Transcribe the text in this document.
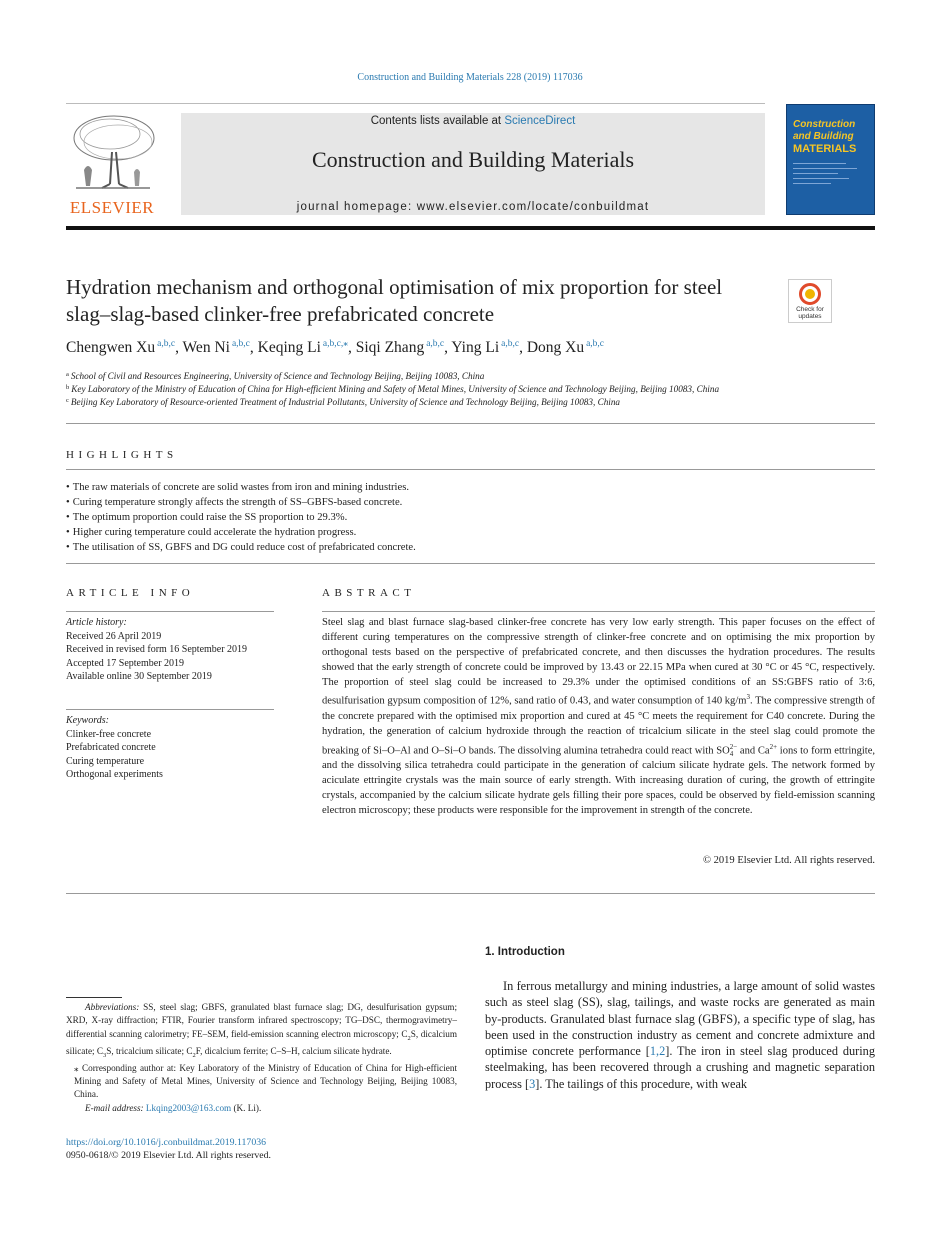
Construction and Building Materials 228 (2019) 117036
ELSEVIER
Contents lists available at ScienceDirect
Construction and Building Materials
journal homepage: www.elsevier.com/locate/conbuildmat
Construction and Building
MATERIALS
Hydration mechanism and orthogonal optimisation of mix proportion for steel slag–slag-based clinker-free prefabricated concrete	Check for updates
Chengwen Xu $^{a,b,c}$, Wen Ni $^{a,b,c}$, Keqing Li $^{a,b,c,⁎}$, Siqi Zhang $^{a,b,c}$, Ying Li $^{a,b,c}$, Dong Xu $^{a,b,c}$
$^a$ School of Civil and Resources Engineering, University of Science and Technology Beijing, Beijing 10083, China
$^b$ Key Laboratory of the Ministry of Education of China for High-efficient Mining and Safety of Metal Mines, University of Science and Technology Beijing, Beijing 10083, China
$^c$ Beijing Key Laboratory of Resource-oriented Treatment of Industrial Pollutants, University of Science and Technology Beijing, Beijing 10083, China
HIGHLIGHTS
• The raw materials of concrete are solid wastes from iron and mining industries.
• Curing temperature strongly affects the strength of SS–GBFS-based concrete.
• The optimum proportion could raise the SS proportion to 29.3%.
• Higher curing temperature could accelerate the hydration progress.
• The utilisation of SS, GBFS and DG could reduce cost of prefabricated concrete.
ARTICLE INFO
Article history:
Received 26 April 2019
Received in revised form 16 September 2019
Accepted 17 September 2019
Available online 30 September 2019
Keywords:
Clinker-free concrete
Prefabricated concrete
Curing temperature
Orthogonal experiments
ABSTRACT
Steel slag and blast furnace slag-based clinker-free concrete has very low early strength. This paper focuses on the effect of different curing temperatures on the compressive strength of clinker-free concrete and on optimising the mix proportion by orthogonal tests based on the perspective of prefabricated concrete, and then discusses the hydration procedures. The results showed that the early strength of concrete could be improved by 13.43 or 22.15 MPa when cured at 30 °C or 45 °C, respectively. The proportion of steel slag could be increased to 29.3% under the optimised conditions of an SS:GBFS ratio of 3:6, desulfurisation gypsum composition of 12%, sand ratio of 0.43, and water consumption of 140 $kg/m^3$. The compressive strength of the concrete prepared with the optimised mix proportion and cured at 45 °C meets the requirement for C40 concrete. During the hydration, the generation of calcium hydroxide through the reaction of tricalcium silicate in the steel slag could promote the breaking of Si–O–Al and O–Si–O bands. The dissolving alumina tetrahedra could react with SO 2−
4 and $Ca^{2+}$ ions to form ettringite, and the dissolving silica tetrahedra could participate in the generation of calcium silicate hydrate gels. The network formed by aciculate ettringite crystals was the main source of early strength. With increasing duration of curing, the growth of ettringite crystals, accompanied by the calcium silicate hydrate gels filling their pore spaces, could be observed by field-emission scanning electron microscopy; these products were responsible for the improvement in strength of the concrete.
© 2019 Elsevier Ltd. All rights reserved.
1. Introduction
In ferrous metallurgy and mining industries, a large amount of solid wastes such as steel slag (SS), slag, tailings, and waste rocks are generated as main by-products. Granulated blast furnace slag (GBFS), a specific type of slag, has been used in the construction industry as cement and concrete admixture and optimise concrete performance [1,2]. The iron in steel slag produced during steelmaking, has been recovered through a crushing and magnetic separation process [3]. The tailings of this procedure, with weak
Abbreviations: SS, steel slag; GBFS, granulated blast furnace slag; DG, desulfurisation gypsum; XRD, X-ray diffraction; FTIR, Fourier transform infrared spectroscopy; TG–DSC, thermogravimetry–differential scanning calorimetry; FE–SEM, field-emission scanning electron microscopy; $C_2S$, dicalcium silicate; $C_3S$, tricalcium silicate; $C_2F$, dicalcium ferrite; C–S–H, calcium silicate hydrate.
⁎ Corresponding author at: Key Laboratory of the Ministry of Education of China for High-efficient Mining and Safety of Metal Mines, University of Science and Technology Beijing, Beijing 10083, China.
E-mail address: Lkqing2003@163.com (K. Li).
https://doi.org/10.1016/j.conbuildmat.2019.117036
0950-0618/© 2019 Elsevier Ltd. All rights reserved.
